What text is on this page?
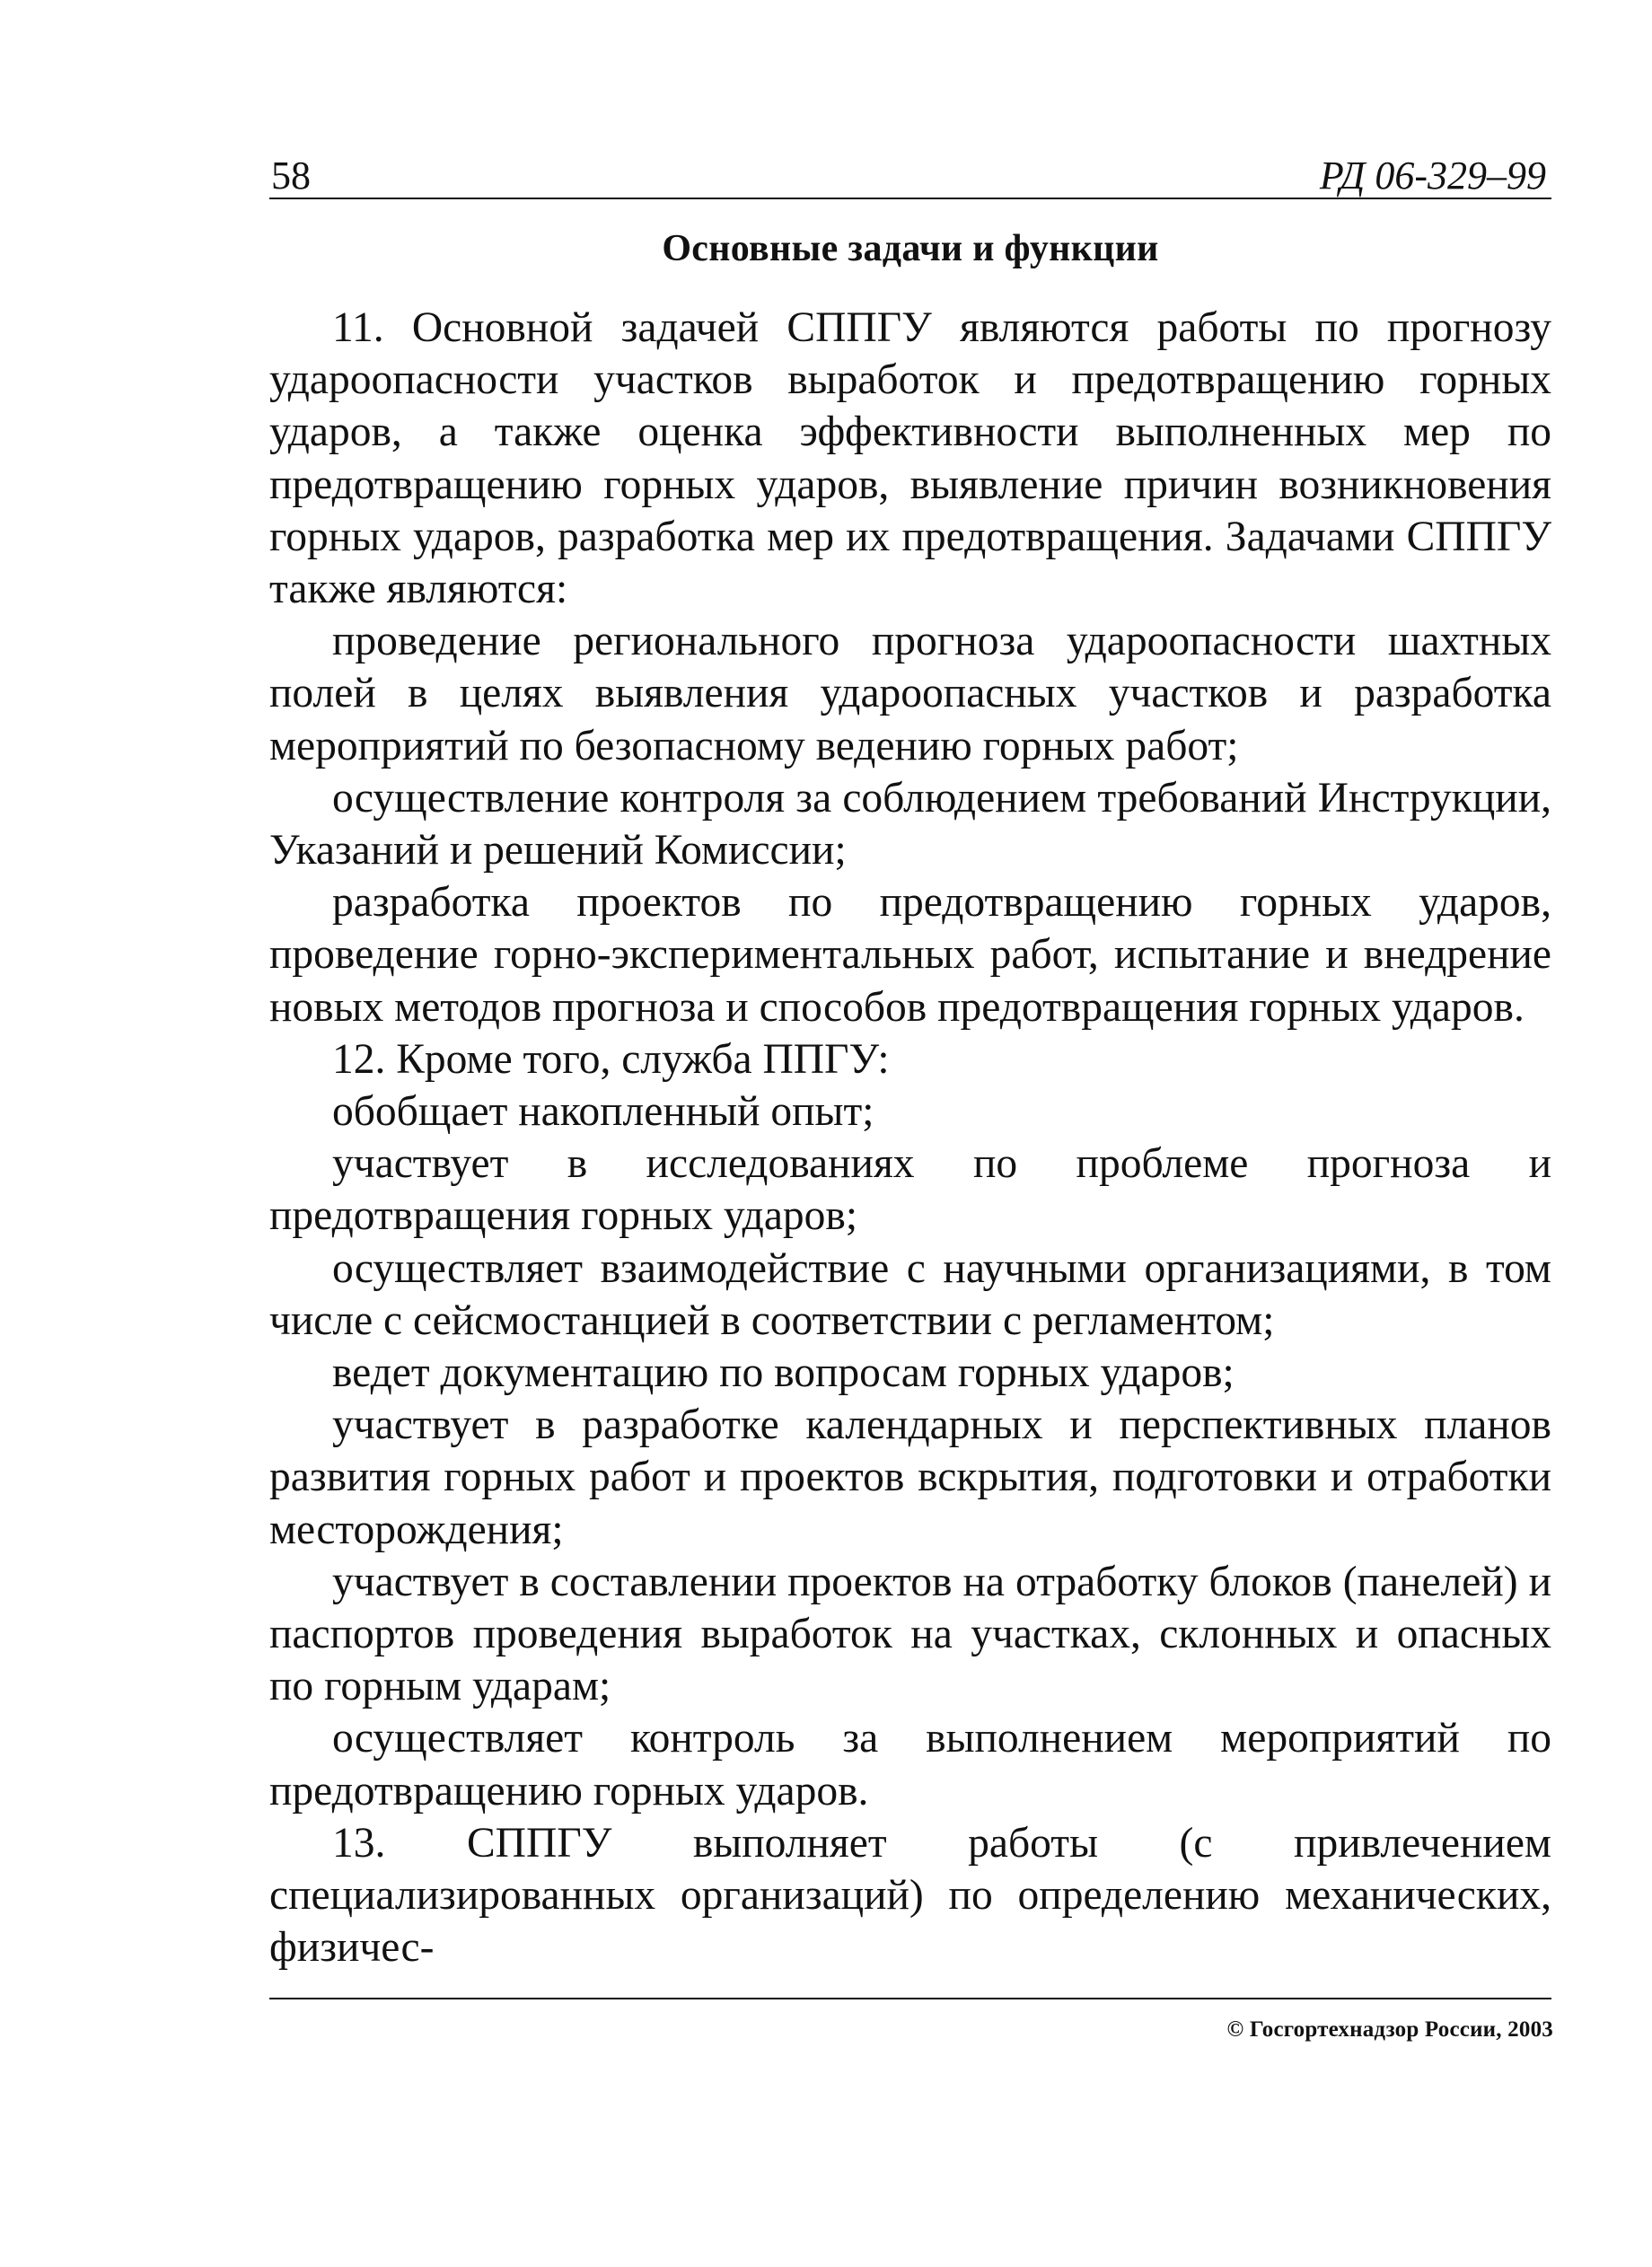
58	РД 06-329–99
Основные задачи и функции

11. Основной задачей СППГУ являются работы по прогнозу удароопасности участков выработок и предотвращению горных ударов, а также оценка эффективности выполненных мер по предотвращению горных ударов, выявление причин возникновения горных ударов, разработка мер их предотвращения. Задачами СППГУ также являются:

проведение регионального прогноза удароопасности шахтных полей в целях выявления удароопасных участков и разработка мероприятий по безопасному ведению горных работ;

осуществление контроля за соблюдением требований Инструкции, Указаний и решений Комиссии;

разработка проектов по предотвращению горных ударов, проведение горно-экспериментальных работ, испытание и внедрение новых методов прогноза и способов предотвращения горных ударов.

12. Кроме того, служба ППГУ:

обобщает накопленный опыт;

участвует в исследованиях по проблеме прогноза и предотвращения горных ударов;

осуществляет взаимодействие с научными организациями, в том числе с сейсмостанцией в соответствии с регламентом;

ведет документацию по вопросам горных ударов;

участвует в разработке календарных и перспективных планов развития горных работ и проектов вскрытия, подготовки и отработки месторождения;

участвует в составлении проектов на отработку блоков (панелей) и паспортов проведения выработок на участках, склонных и опасных по горным ударам;

осуществляет контроль за выполнением мероприятий по предотвращению горных ударов.

13. СППГУ выполняет работы (с привлечением специализированных организаций) по определению механических, физичес-

© Госгортехнадзор России, 2003
